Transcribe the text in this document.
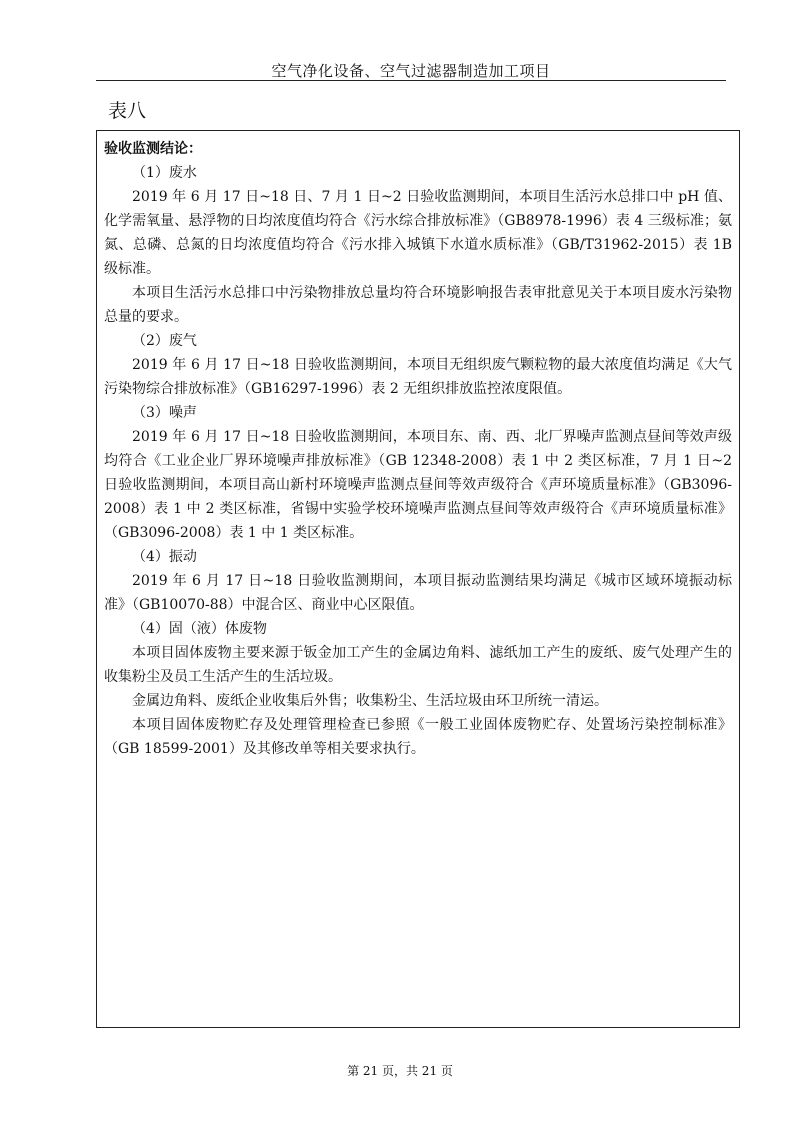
空气净化设备、空气过滤器制造加工项目
表八

验收监测结论：

（1）废水

2019 年 6 月 17 日~18 日、7 月 1 日~2 日验收监测期间，本项目生活污水总排口中 pH 值、化学需氧量、悬浮物的日均浓度值均符合《污水综合排放标准》（GB8978-1996）表 4 三级标准；氨氮、总磷、总氮的日均浓度值均符合《污水排入城镇下水道水质标准》（GB/T31962-2015）表 1B 级标准。

本项目生活污水总排口中污染物排放总量均符合环境影响报告表审批意见关于本项目废水污染物总量的要求。

（2）废气

2019 年 6 月 17 日~18 日验收监测期间，本项目无组织废气颗粒物的最大浓度值均满足《大气污染物综合排放标准》（GB16297-1996）表 2 无组织排放监控浓度限值。

（3）噪声

2019 年 6 月 17 日~18 日验收监测期间，本项目东、南、西、北厂界噪声监测点昼间等效声级均符合《工业企业厂界环境噪声排放标准》（GB 12348-2008）表 1 中 2 类区标准，7 月 1 日~2 日验收监测期间，本项目高山新村环境噪声监测点昼间等效声级符合《声环境质量标准》（GB3096-2008）表 1 中 2 类区标准，省锡中实验学校环境噪声监测点昼间等效声级符合《声环境质量标准》（GB3096-2008）表 1 中 1 类区标准。

（4）振动

2019 年 6 月 17 日~18 日验收监测期间，本项目振动监测结果均满足《城市区域环境振动标准》（GB10070-88）中混合区、商业中心区限值。

（4）固（液）体废物

本项目固体废物主要来源于钣金加工产生的金属边角料、滤纸加工产生的废纸、废气处理产生的收集粉尘及员工生活产生的生活垃圾。

金属边角料、废纸企业收集后外售；收集粉尘、生活垃圾由环卫所统一清运。

本项目固体废物贮存及处理管理检查已参照《一般工业固体废物贮存、处置场污染控制标准》（GB 18599-2001）及其修改单等相关要求执行。

第 21 页，共 21 页
